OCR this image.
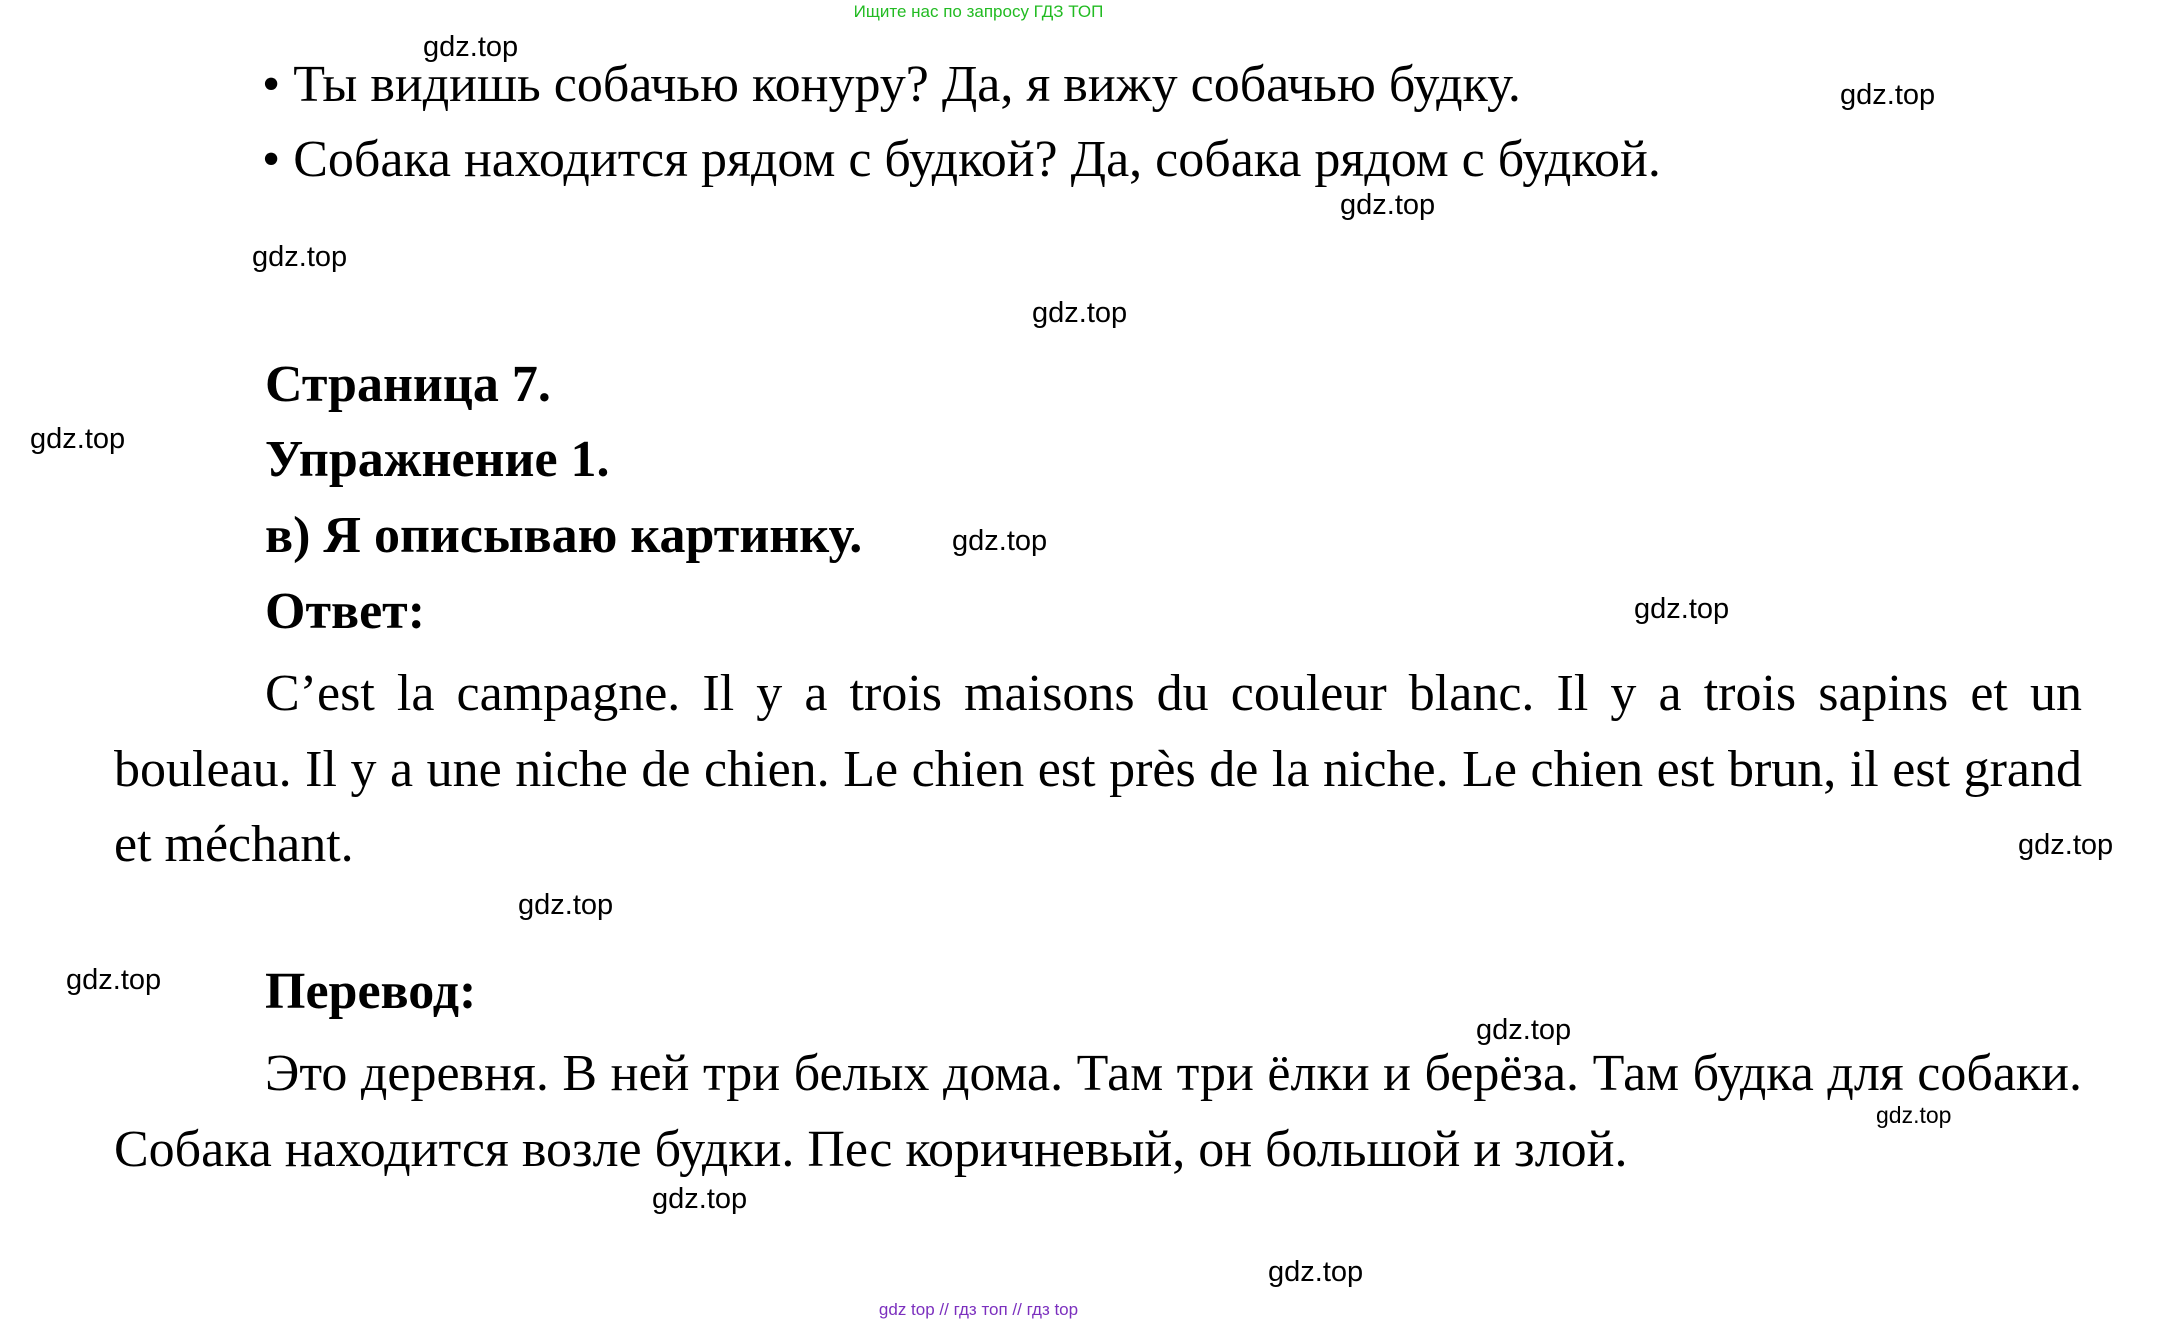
Ищите нас по запросу ГДЗ ТОП
• Ты видишь собачью конуру? Да, я вижу собачью будку.
• Собака находится рядом с будкой? Да, собака рядом с будкой.
Страница 7.
Упражнение 1.
в) Я описываю картинку.
Ответ:
C’est la campagne. Il y a trois maisons du couleur blanc. Il y a trois sapins et un bouleau. Il y a une niche de chien. Le chien est près de la niche. Le chien est brun, il est grand et méchant.
Перевод:
Это деревня. В ней три белых дома. Там три ёлки и берёза. Там будка для собаки. Собака находится возле будки. Пес коричневый, он большой и злой.
gdz.top
gdz.top
gdz.top
gdz.top
gdz.top
gdz.top
gdz.top
gdz.top
gdz.top
gdz.top
gdz.top
gdz.top
gdz.top
gdz.top
gdz.top
gdz top // гдз топ // гдз top
